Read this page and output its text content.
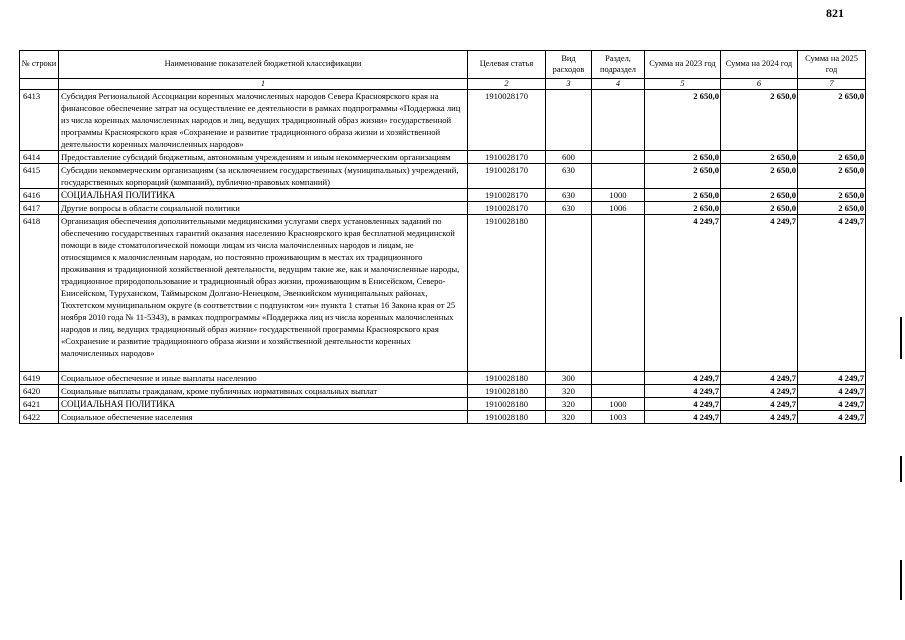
821
№ строки	Наименование показателей бюджетной классификации	Целевая статья	Вид расходов	Раздел, подраздел	Сумма на 2023 год	Сумма на 2024 год	Сумма на 2025 год
	1	2	3	4	5	6	7
6413	Субсидия Региональной Ассоциации коренных малочисленных народов Севера Красноярского края на финансовое обеспечение затрат на осуществление ее деятельности в рамках подпрограммы «Поддержка лиц из числа коренных малочисленных народов и лиц, ведущих традиционный образ жизни» государственной программы Красноярского края «Сохранение и развитие традиционного образа жизни и хозяйственной деятельности коренных малочисленных народов»	1910028170			2 650,0	2 650,0	2 650,0
6414	Предоставление субсидий бюджетным, автономным учреждениям и иным некоммерческим организациям	1910028170	600		2 650,0	2 650,0	2 650,0
6415	Субсидии некоммерческим организациям (за исключением государственных (муниципальных) учреждений, государственных корпораций (компаний), публично-правовых компаний)	1910028170	630		2 650,0	2 650,0	2 650,0
6416	СОЦИАЛЬНАЯ ПОЛИТИКА	1910028170	630	1000	2 650,0	2 650,0	2 650,0
6417	Другие вопросы в области социальной политики	1910028170	630	1006	2 650,0	2 650,0	2 650,0
6418	Организация обеспечения дополнительными медицинскими услугами сверх установленных заданий по обеспечению государственных гарантий оказания населению Красноярского края бесплатной медицинской помощи в виде стоматологической помощи лицам из числа малочисленных народов и лицам, не относящимся к малочисленным народам, но постоянно проживающим в местах их традиционного проживания и традиционной хозяйственной деятельности, ведущим такие же, как и малочисленные народы, традиционное природопользование и традиционный образ жизни, проживающим в Енисейском, Северо-Енисейском, Туруханском, Таймырском Долгано-Ненецком, Эвенкийском муниципальных районах, Тюхтетском муниципальном округе (в соответствии с подпунктом «и» пункта 1 статьи 16 Закона края от 25 ноября 2010 года № 11-5343), в рамках подпрограммы «Поддержка лиц из числа коренных малочисленных народов и лиц, ведущих традиционный образ жизни» государственной программы Красноярского края «Сохранение и развитие традиционного образа жизни и хозяйственной деятельности коренных малочисленных народов»	1910028180			4 249,7	4 249,7	4 249,7
6419	Социальное обеспечение и иные выплаты населению	1910028180	300		4 249,7	4 249,7	4 249,7
6420	Социальные выплаты гражданам, кроме публичных нормативных социальных выплат	1910028180	320		4 249,7	4 249,7	4 249,7
6421	СОЦИАЛЬНАЯ ПОЛИТИКА	1910028180	320	1000	4 249,7	4 249,7	4 249,7
6422	Социальное обеспечение населения	1910028180	320	1003	4 249,7	4 249,7	4 249,7
